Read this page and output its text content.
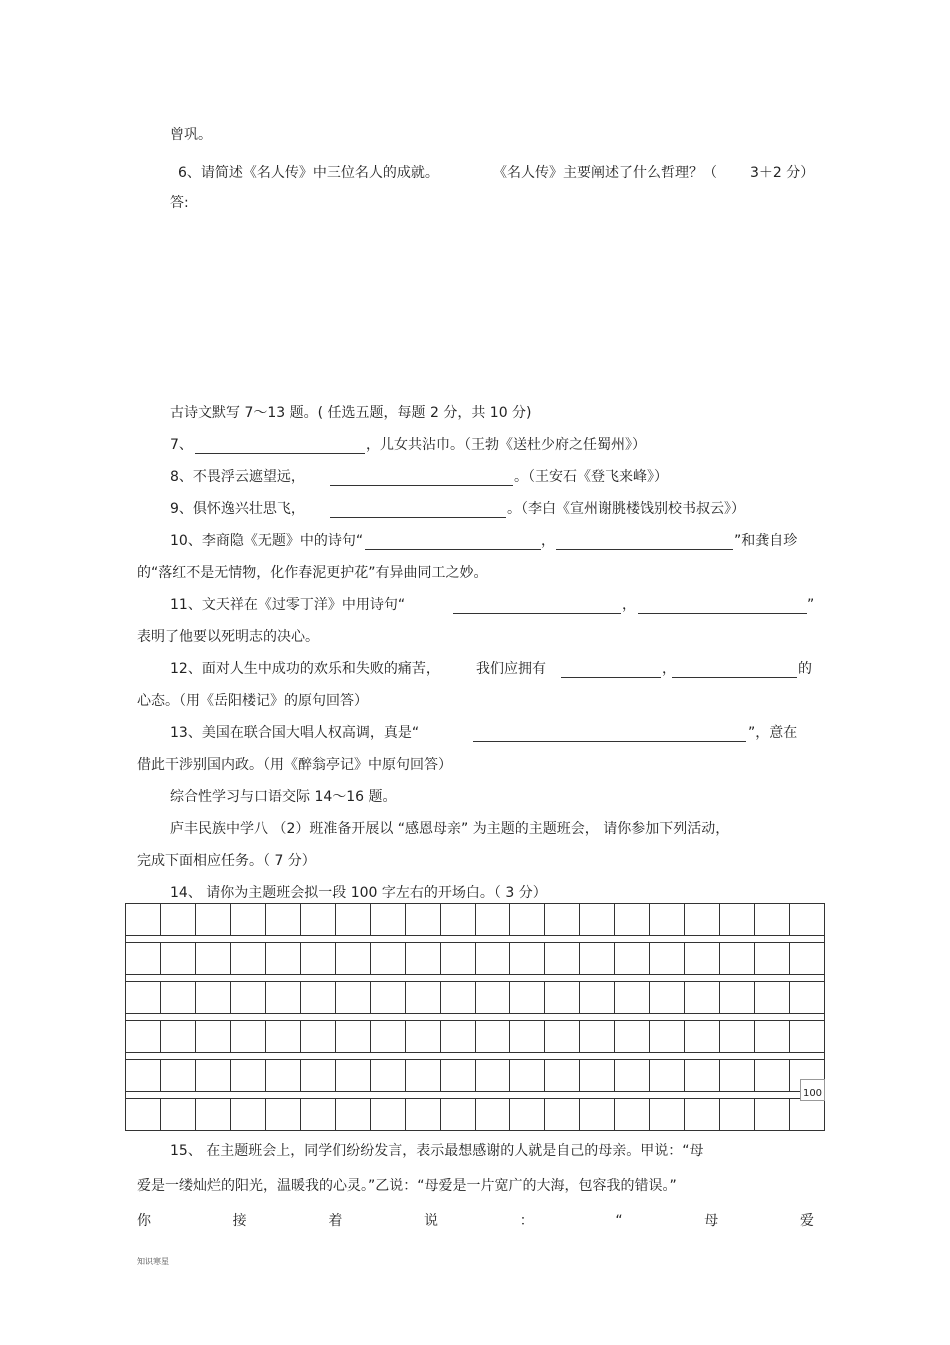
曾巩。
6、请简述《名人传》中三位名人的成就。	《名人传》主要阐述了什么哲理？（ 3＋2 分）
答:
古诗文默写 7～13 题。( 任选五题，每题 2 分，共 10 分)
7、	，儿女共沾巾。（王勃《送杜少府之任蜀州》）
8、不畏浮云遮望远，	。（王安石《登飞来峰》）
9、俱怀逸兴壮思飞，	。（李白《宣州谢朓楼饯别校书叔云》）
10、李商隐《无题》中的诗句“	，	”和龚自珍
的“落红不是无情物，化作春泥更护花”有异曲同工之妙。
11、文天祥在《过零丁洋》中用诗句“	，	”
表明了他要以死明志的决心。
12、面对人生中成功的欢乐和失败的痛苦，	我们应拥有	，	的
心态。（用《岳阳楼记》的原句回答）
13、美国在联合国大唱人权高调，真是“	”，意在
借此干涉别国内政。（用《醉翁亭记》中原句回答）
综合性学习与口语交际 14～16 题。
庐丰民族中学八 （2）班准备开展以 “感恩母亲” 为主题的主题班会， 请你参加下列活动，
完成下面相应任务。（ 7 分）
14、 请你为主题班会拟一段 100 字左右的开场白。（ 3 分）
100
15、 在主题班会上，同学们纷纷发言，表示最想感谢的人就是自己的母亲。甲说：“母
爱是一缕灿烂的阳光，温暖我的心灵。”乙说：“母爱是一片宽广的大海，包容我的错误。”
你	接	着	说	：	“	母	爱
知识寒星
